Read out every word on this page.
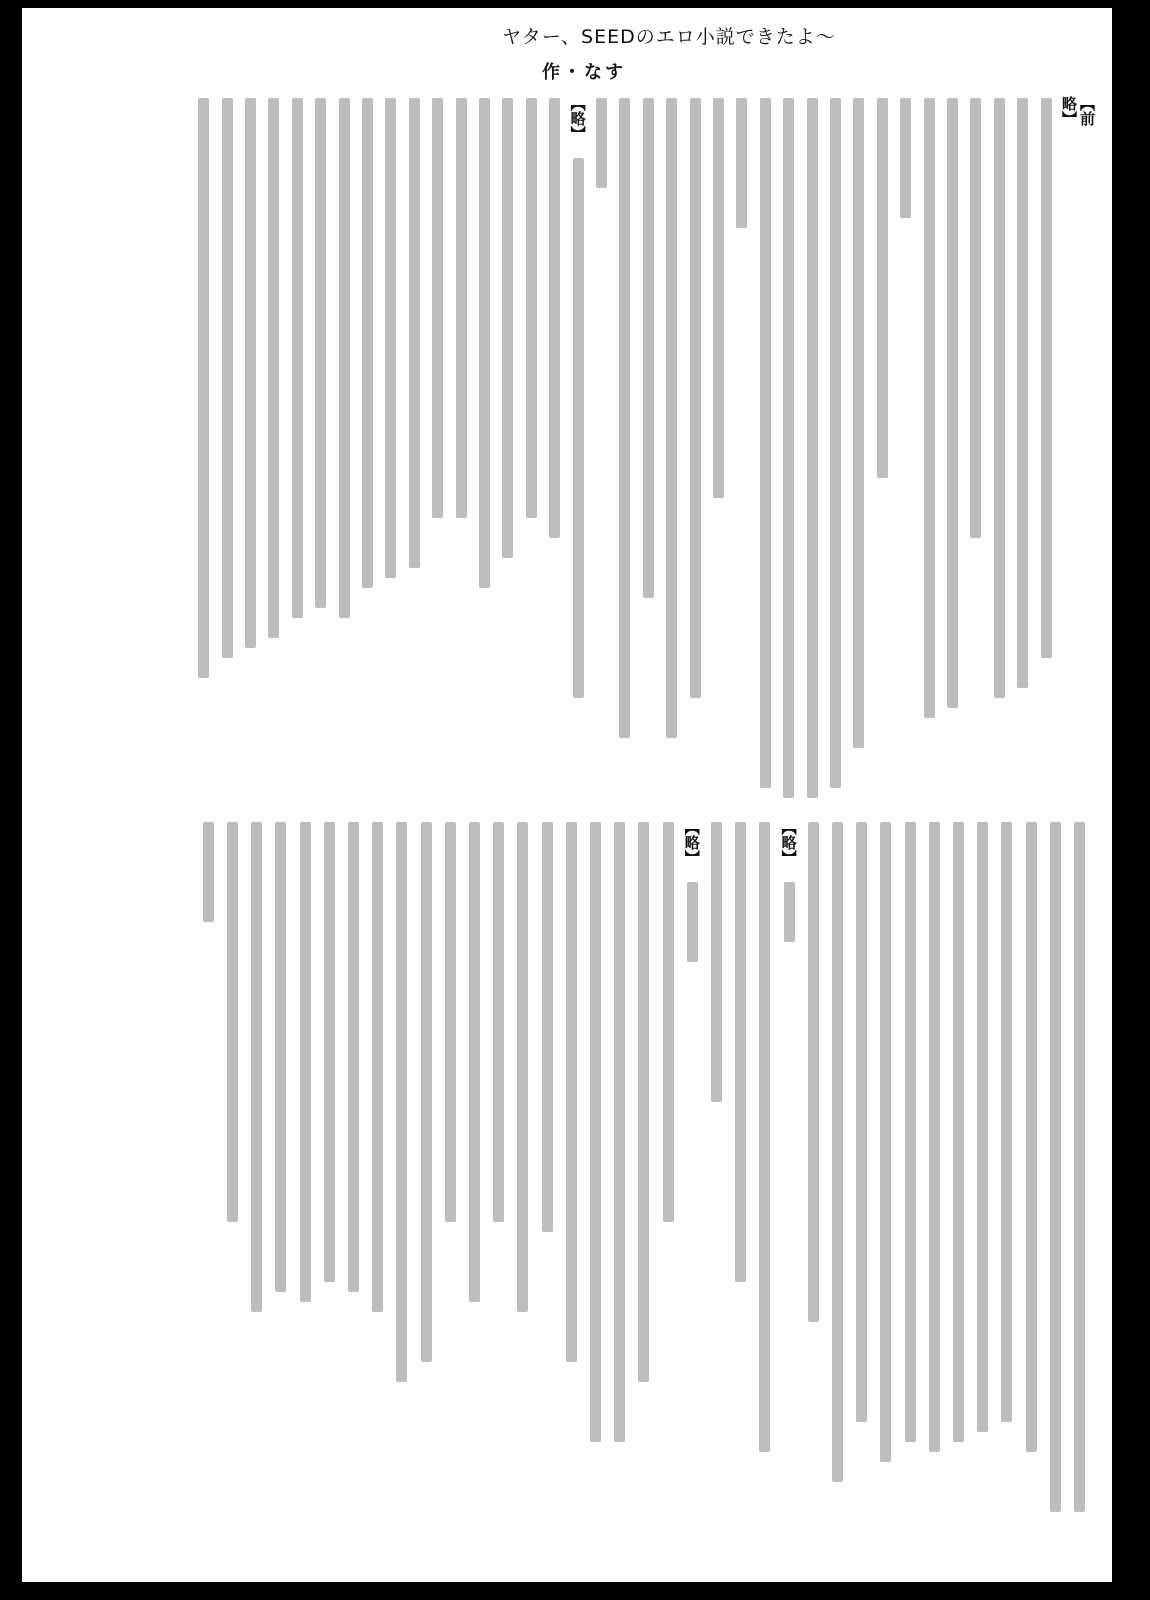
ヤター、SEEDのエロ小説できたよ～
作・なす
【前略】
【略】
【略】
【略】
